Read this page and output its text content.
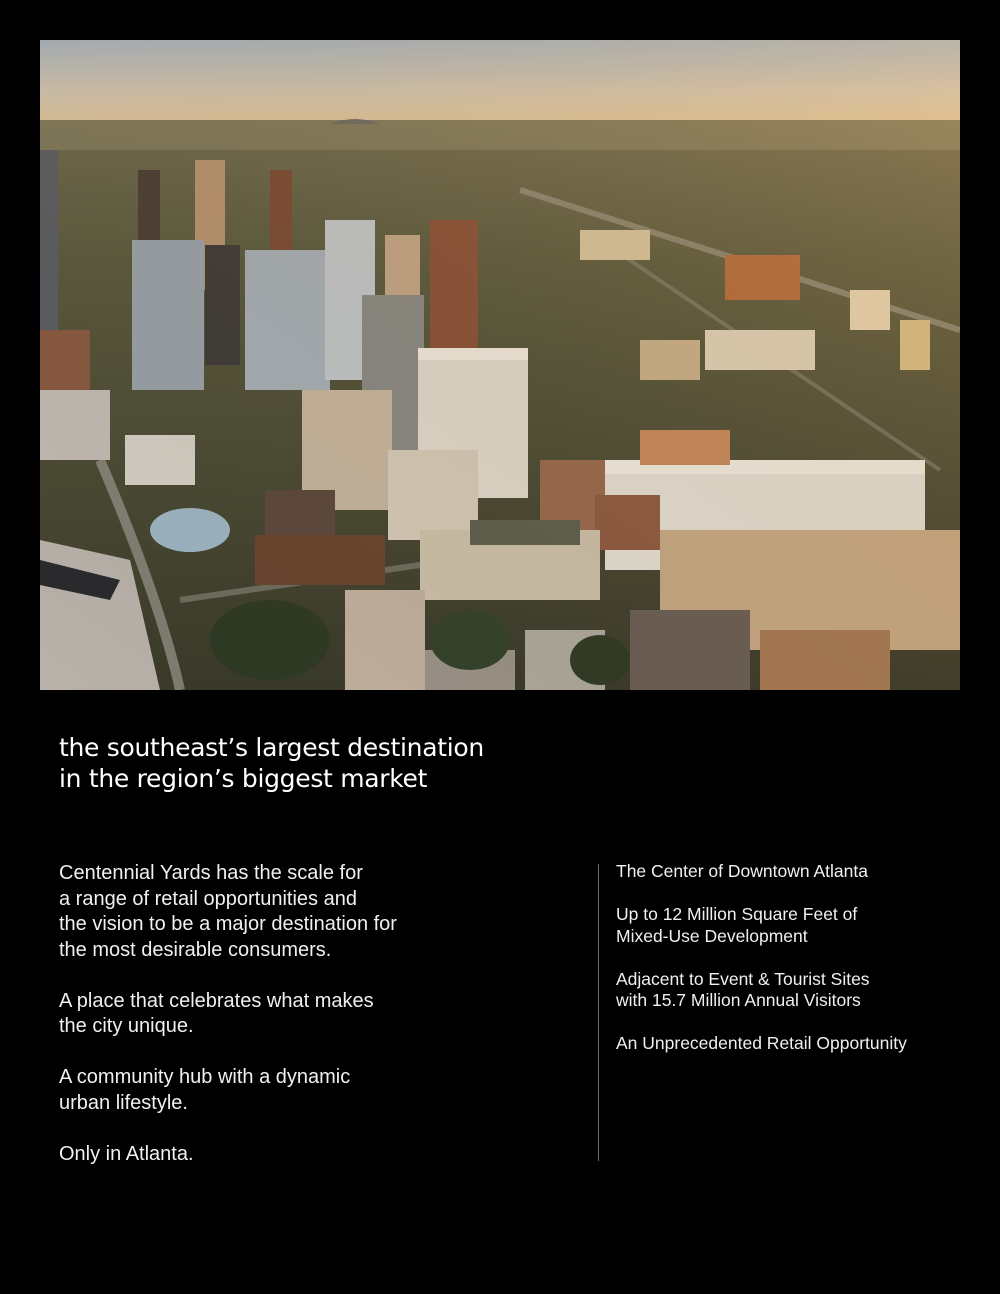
the southeast’s largest destination
in the region’s biggest market

Centennial Yards has the scale for
a range of retail opportunities and
the vision to be a major destination for
the most desirable consumers.

A place that celebrates what makes
the city unique.

A community hub with a dynamic
urban lifestyle.

Only in Atlanta.

The Center of Downtown Atlanta
Up to 12 Million Square Feet of
Mixed-Use Development
Adjacent to Event & Tourist Sites
with 15.7 Million Annual Visitors
An Unprecedented Retail Opportunity
